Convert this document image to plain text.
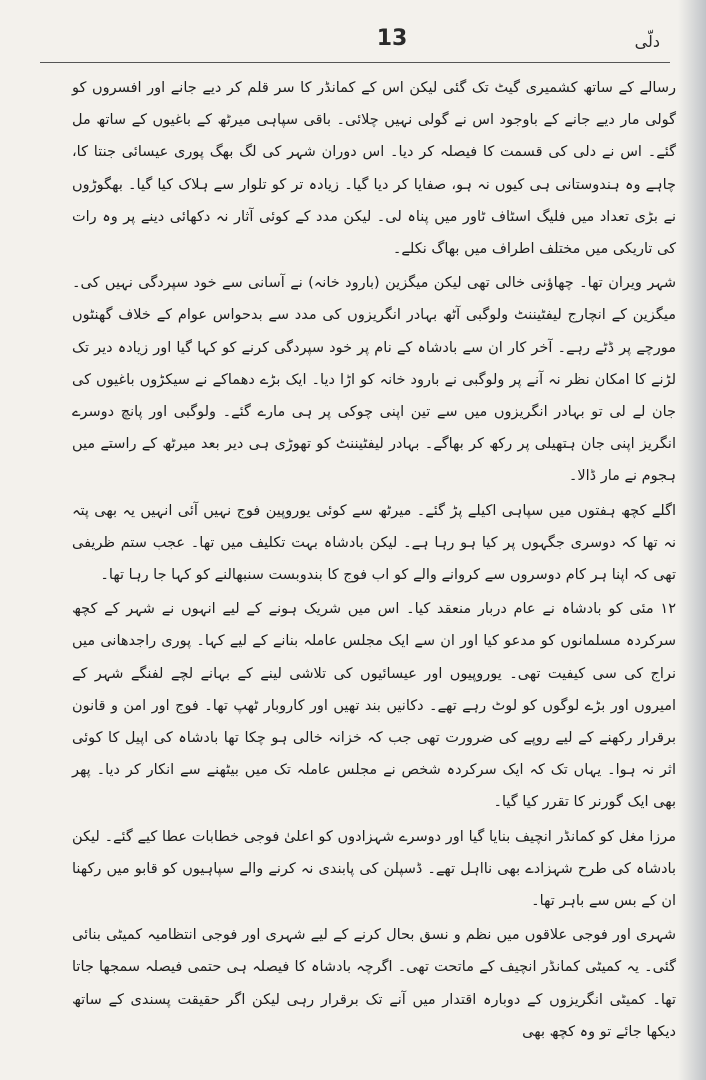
13	دلّی

رسالے کے ساتھ کشمیری گیٹ تک گئی لیکن اس کے کمانڈر کا سر قلم کر دیے جانے اور افسروں کو گولی مار دیے جانے کے باوجود اس نے گولی نہیں چلائی۔ باقی سپاہی میرٹھ کے باغیوں کے ساتھ مل گئے۔ اس نے دلی کی قسمت کا فیصلہ کر دیا۔ اس دوران شہر کی لگ بھگ پوری عیسائی جنتا کا، چاہے وہ ہندوستانی ہی کیوں نہ ہو، صفایا کر دیا گیا۔ زیادہ تر کو تلوار سے ہلاک کیا گیا۔ بھگوڑوں نے بڑی تعداد میں فلیگ اسٹاف ٹاور میں پناہ لی۔ لیکن مدد کے کوئی آثار نہ دکھائی دینے پر وہ رات کی تاریکی میں مختلف اطراف میں بھاگ نکلے۔

شہر ویران تھا۔ چھاؤنی خالی تھی لیکن میگزین (بارود خانہ) نے آسانی سے خود سپردگی نہیں کی۔ میگزین کے انچارج لیفٹیننٹ ولوگبی آٹھ بہادر انگریزوں کی مدد سے بدحواس عوام کے خلاف گھنٹوں مورچے پر ڈٹے رہے۔ آخر کار ان سے بادشاہ کے نام پر خود سپردگی کرنے کو کہا گیا اور زیادہ دیر تک لڑنے کا امکان نظر نہ آنے پر ولوگبی نے بارود خانہ کو اڑا دیا۔ ایک بڑے دھماکے نے سیکڑوں باغیوں کی جان لے لی تو بہادر انگریزوں میں سے تین اپنی چوکی پر ہی مارے گئے۔ ولوگبی اور پانچ دوسرے انگریز اپنی جان ہتھیلی پر رکھ کر بھاگے۔ بہادر لیفٹیننٹ کو تھوڑی ہی دیر بعد میرٹھ کے راستے میں ہجوم نے مار ڈالا۔

اگلے کچھ ہفتوں میں سپاہی اکیلے پڑ گئے۔ میرٹھ سے کوئی یوروپین فوج نہیں آئی انہیں یہ بھی پتہ نہ تھا کہ دوسری جگہوں پر کیا ہو رہا ہے۔ لیکن بادشاہ بہت تکلیف میں تھا۔ عجب ستم ظریفی تھی کہ اپنا ہر کام دوسروں سے کروانے والے کو اب فوج کا بندوبست سنبھالنے کو کہا جا رہا تھا۔

۱۲ مئی کو بادشاہ نے عام دربار منعقد کیا۔ اس میں شریک ہونے کے لیے انہوں نے شہر کے کچھ سرکردہ مسلمانوں کو مدعو کیا اور ان سے ایک مجلس عاملہ بنانے کے لیے کہا۔ پوری راجدھانی میں نراج کی سی کیفیت تھی۔ یوروپیوں اور عیسائیوں کی تلاشی لینے کے بہانے لچے لفنگے شہر کے امیروں اور بڑے لوگوں کو لوٹ رہے تھے۔ دکانیں بند تھیں اور کاروبار ٹھپ تھا۔ فوج اور امن و قانون برقرار رکھنے کے لیے روپے کی ضرورت تھی جب کہ خزانہ خالی ہو چکا تھا بادشاہ کی اپیل کا کوئی اثر نہ ہوا۔ یہاں تک کہ ایک سرکردہ شخص نے مجلس عاملہ تک میں بیٹھنے سے انکار کر دیا۔ پھر بھی ایک گورنر کا تقرر کیا گیا۔

مرزا مغل کو کمانڈر انچیف بنایا گیا اور دوسرے شہزادوں کو اعلیٰ فوجی خطابات عطا کیے گئے۔ لیکن بادشاہ کی طرح شہزادے بھی نااہل تھے۔ ڈسپلن کی پابندی نہ کرنے والے سپاہیوں کو قابو میں رکھنا ان کے بس سے باہر تھا۔

شہری اور فوجی علاقوں میں نظم و نسق بحال کرنے کے لیے شہری اور فوجی انتظامیہ کمیٹی بنائی گئی۔ یہ کمیٹی کمانڈر انچیف کے ماتحت تھی۔ اگرچہ بادشاہ کا فیصلہ ہی حتمی فیصلہ سمجھا جاتا تھا۔ کمیٹی انگریزوں کے دوبارہ اقتدار میں آنے تک برقرار رہی لیکن اگر حقیقت پسندی کے ساتھ دیکھا جائے تو وہ کچھ بھی
